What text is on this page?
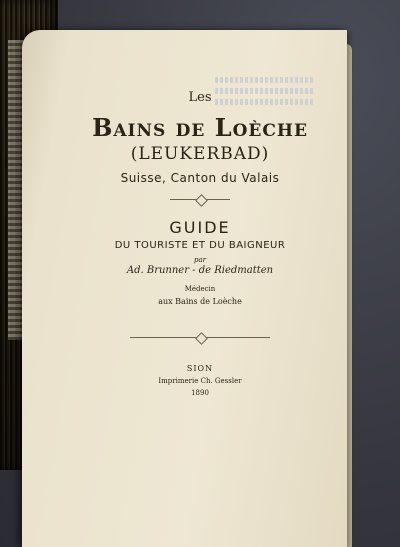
Les
Bains de Loèche
(LEUKERBAD)
Suisse, Canton du Valais
GUIDE
DU TOURISTE ET DU BAIGNEUR
par
Ad. Brunner - de Riedmatten
Médecin
aux Bains de Loèche
SION
Imprimerie Ch. Gessler
1890
